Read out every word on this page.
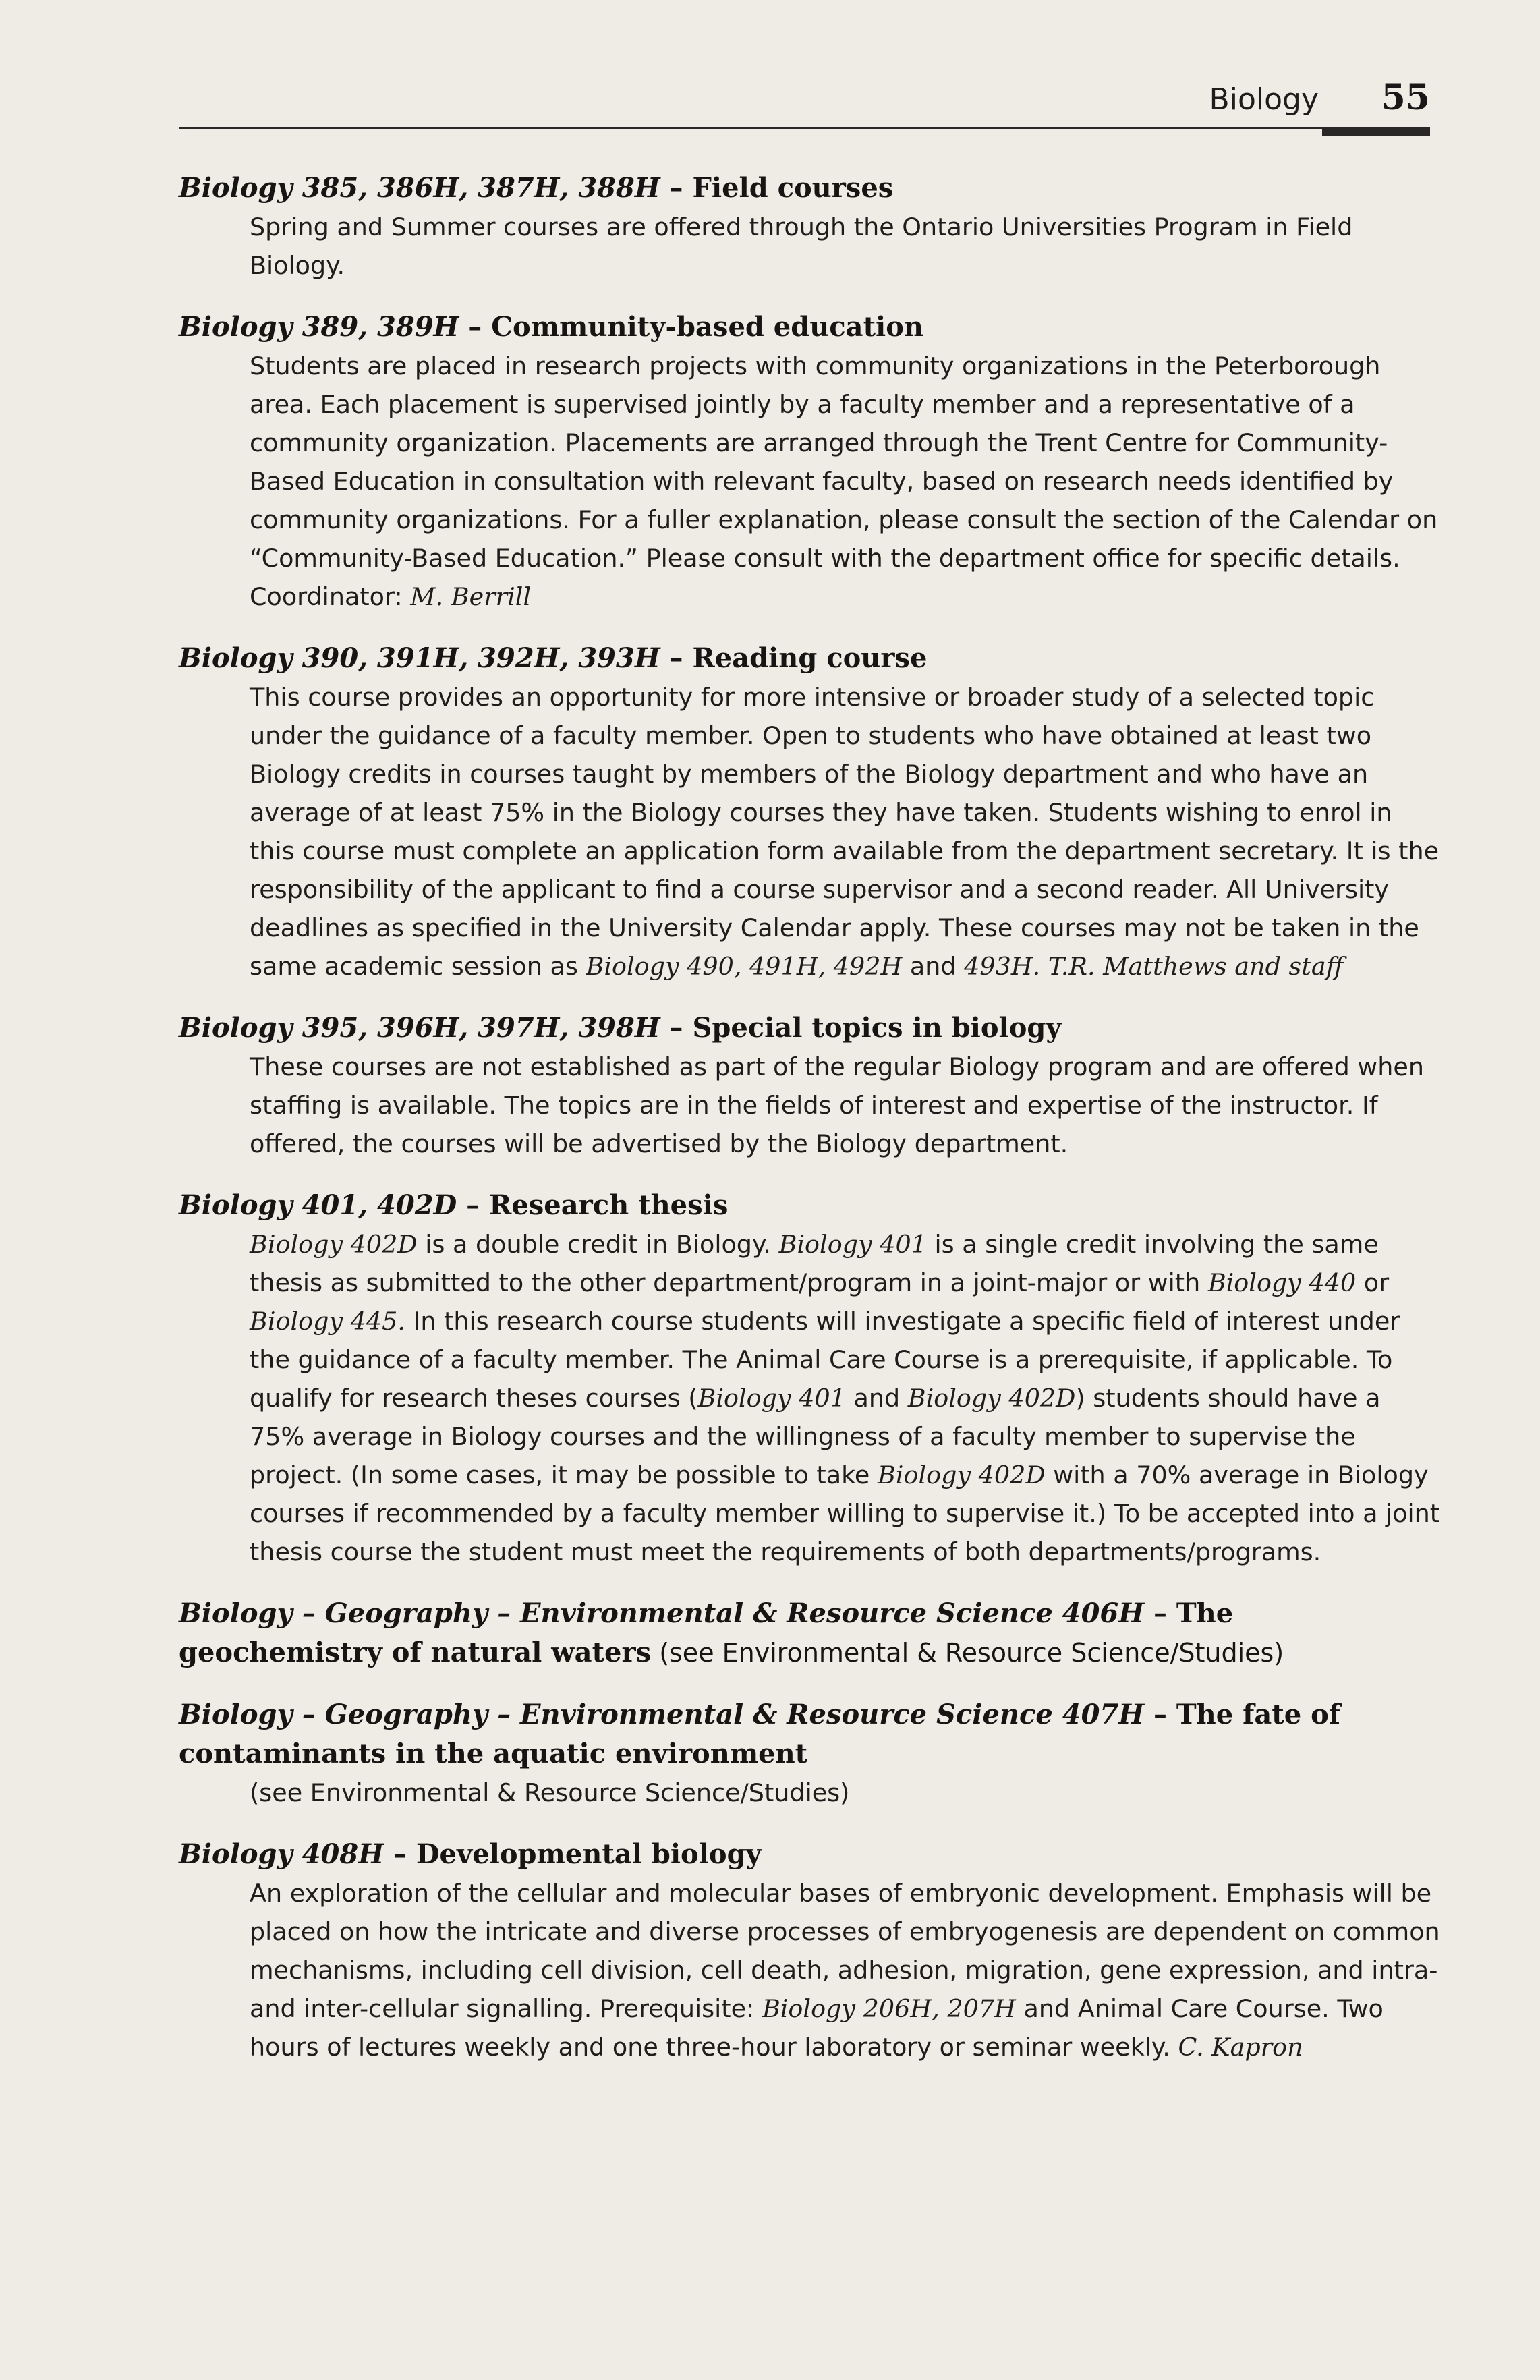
Biology 55
Biology 385, 386H, 387H, 388H – Field courses
Spring and Summer courses are offered through the Ontario Universities Program in Field Biology.
Biology 389, 389H – Community-based education
Students are placed in research projects with community organizations in the Peterborough area. Each placement is supervised jointly by a faculty member and a representative of a community organization. Placements are arranged through the Trent Centre for Community-Based Education in consultation with relevant faculty, based on research needs identified by community organizations. For a fuller explanation, please consult the section of the Calendar on “Community-Based Education.” Please consult with the department office for specific details. Coordinator: M. Berrill
Biology 390, 391H, 392H, 393H – Reading course
This course provides an opportunity for more intensive or broader study of a selected topic under the guidance of a faculty member. Open to students who have obtained at least two Biology credits in courses taught by members of the Biology department and who have an average of at least 75% in the Biology courses they have taken. Students wishing to enrol in this course must complete an application form available from the department secretary. It is the responsibility of the applicant to find a course supervisor and a second reader. All University deadlines as specified in the University Calendar apply. These courses may not be taken in the same academic session as Biology 490, 491H, 492H and 493H. T.R. Matthews and staff
Biology 395, 396H, 397H, 398H – Special topics in biology
These courses are not established as part of the regular Biology program and are offered when staffing is available. The topics are in the fields of interest and expertise of the instructor. If offered, the courses will be advertised by the Biology department.
Biology 401, 402D – Research thesis
Biology 402D is a double credit in Biology. Biology 401 is a single credit involving the same thesis as submitted to the other department/program in a joint-major or with Biology 440 or Biology 445. In this research course students will investigate a specific field of interest under the guidance of a faculty member. The Animal Care Course is a prerequisite, if applicable. To qualify for research theses courses (Biology 401 and Biology 402D) students should have a 75% average in Biology courses and the willingness of a faculty member to supervise the project. (In some cases, it may be possible to take Biology 402D with a 70% average in Biology courses if recommended by a faculty member willing to supervise it.) To be accepted into a joint thesis course the student must meet the requirements of both departments/programs.
Biology – Geography – Environmental & Resource Science 406H – The geochemistry of natural waters (see Environmental & Resource Science/Studies)
Biology – Geography – Environmental & Resource Science 407H – The fate of contaminants in the aquatic environment
(see Environmental & Resource Science/Studies)
Biology 408H – Developmental biology
An exploration of the cellular and molecular bases of embryonic development. Emphasis will be placed on how the intricate and diverse processes of embryogenesis are dependent on common mechanisms, including cell division, cell death, adhesion, migration, gene expression, and intra- and inter-cellular signalling. Prerequisite: Biology 206H, 207H and Animal Care Course. Two hours of lectures weekly and one three-hour laboratory or seminar weekly. C. Kapron
